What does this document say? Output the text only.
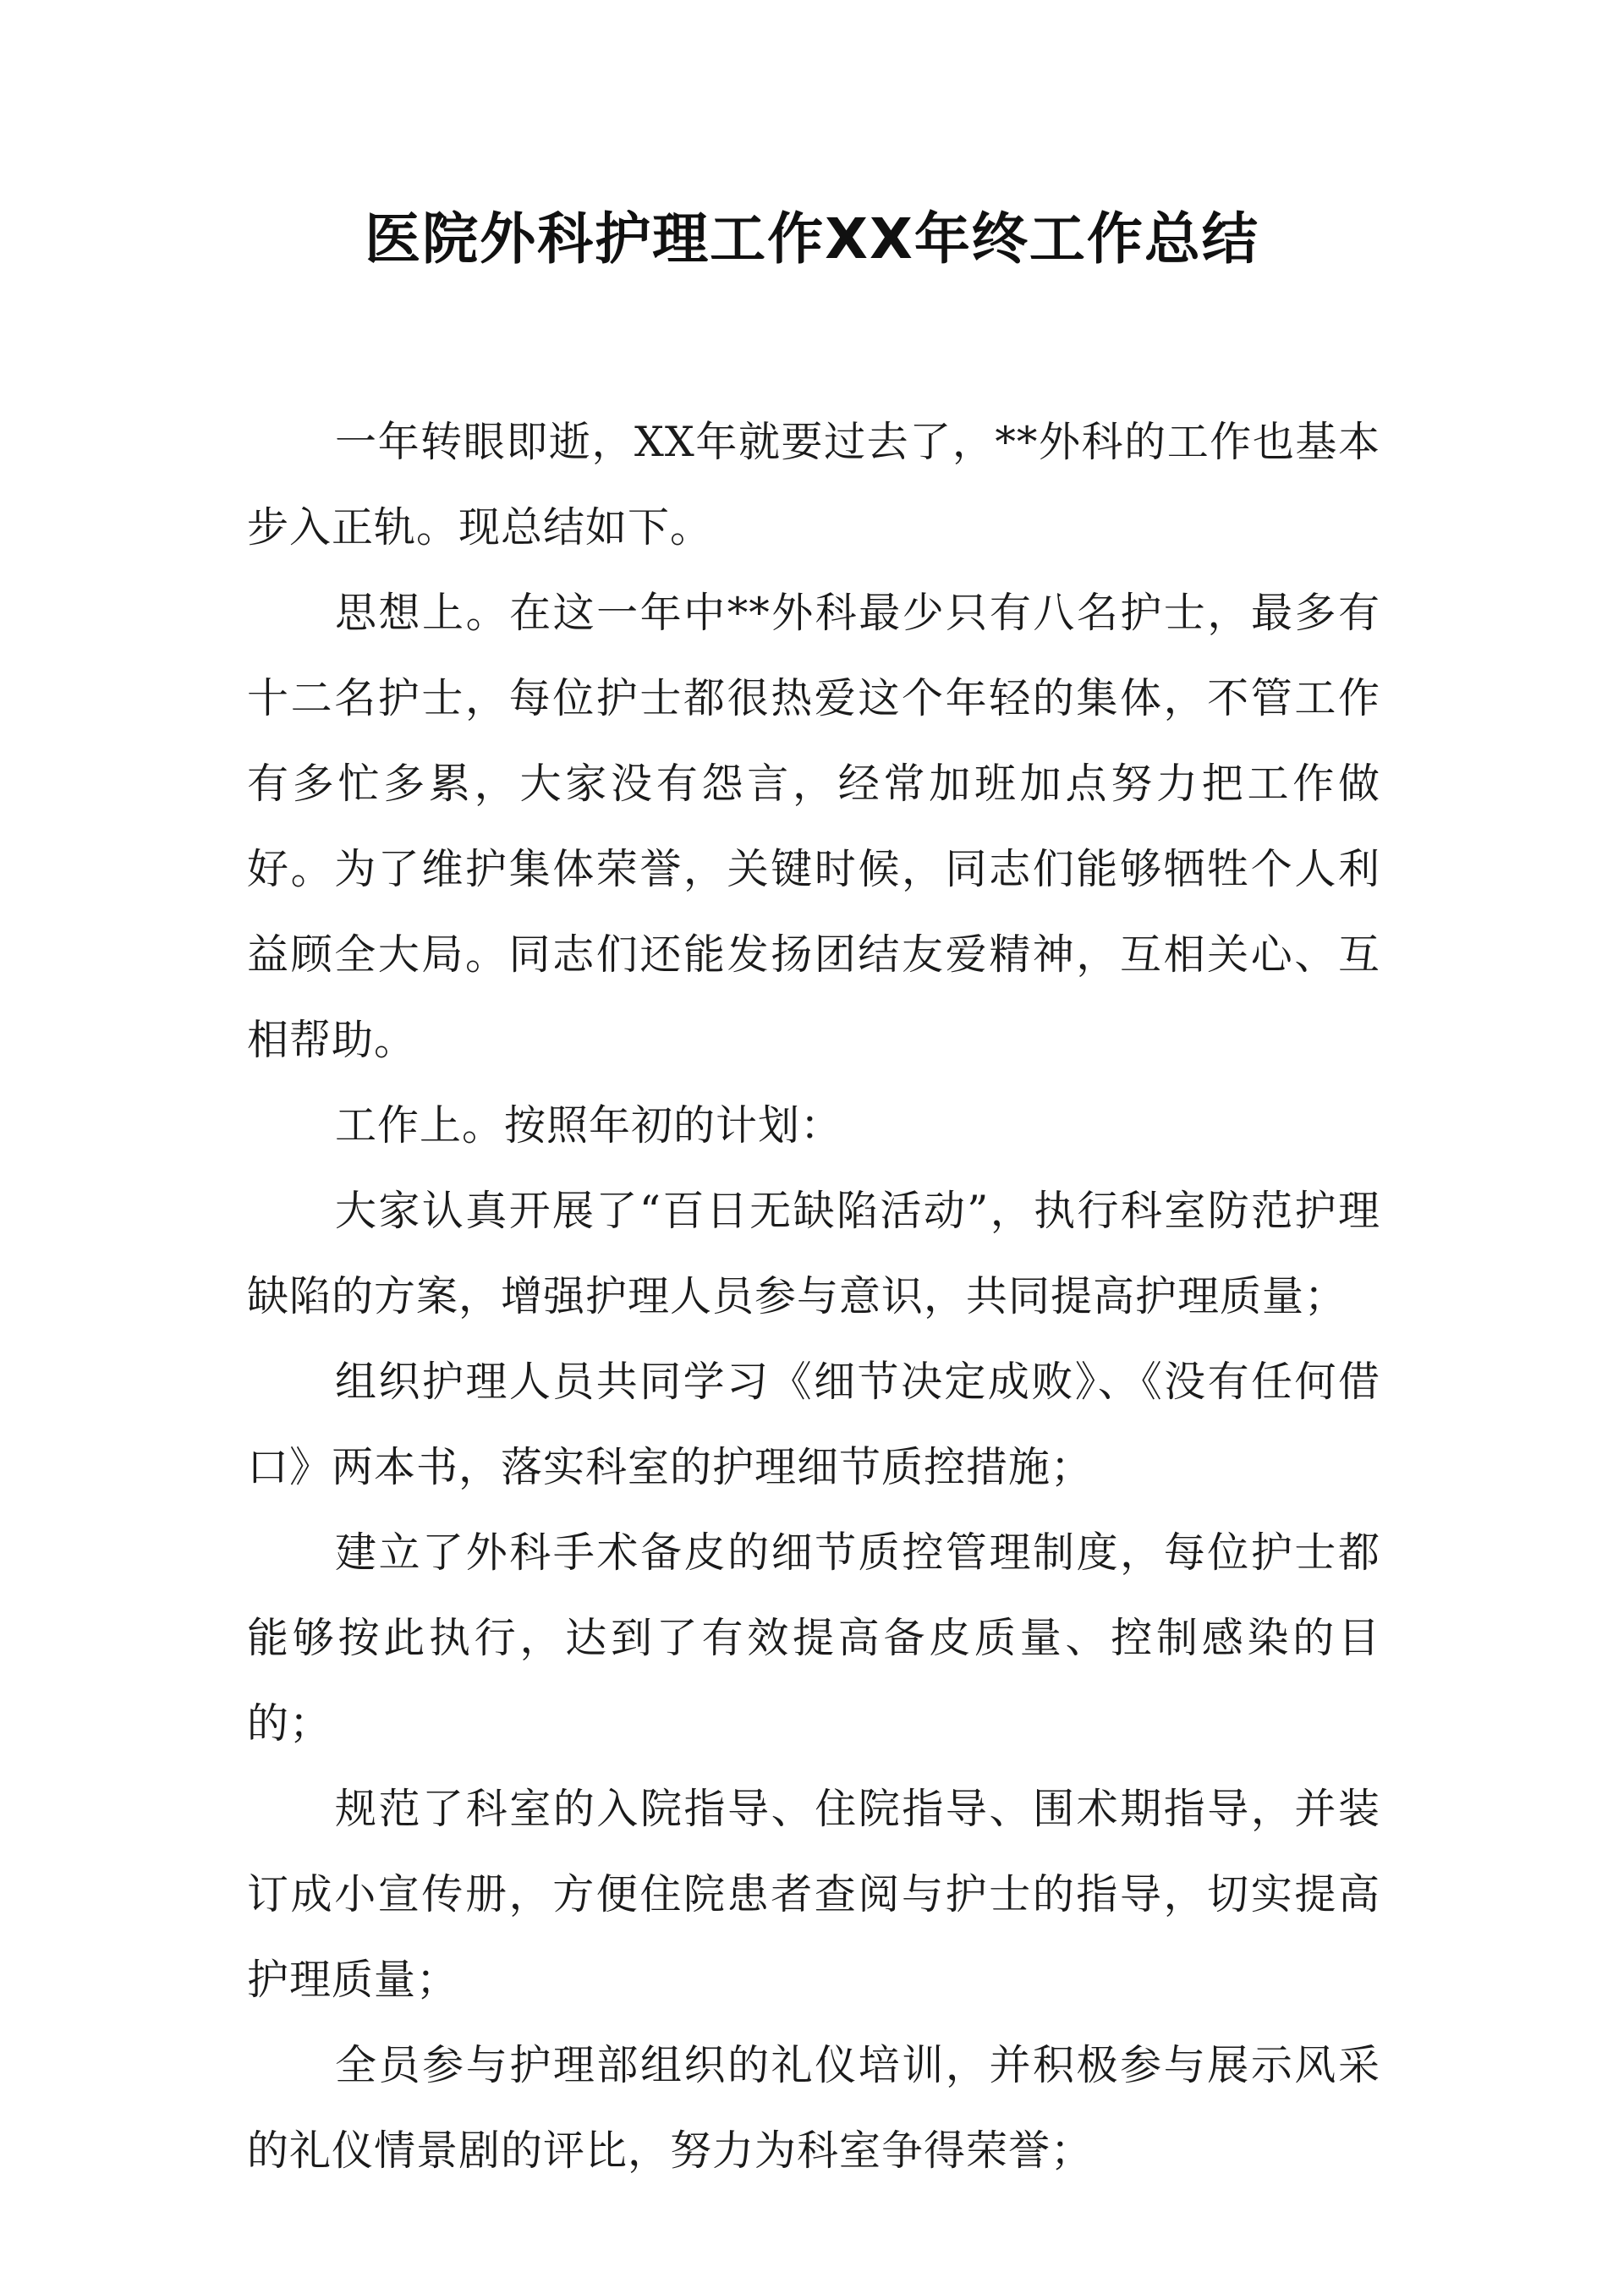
医院外科护理工作XX年终工作总结

一年转眼即逝，XX年就要过去了，**外科的工作也基本步入正轨。现总结如下。

思想上。在这一年中**外科最少只有八名护士，最多有十二名护士，每位护士都很热爱这个年轻的集体，不管工作有多忙多累，大家没有怨言，经常加班加点努力把工作做好。为了维护集体荣誉，关键时候，同志们能够牺牲个人利益顾全大局。同志们还能发扬团结友爱精神，互相关心、互相帮助。

工作上。按照年初的计划：

大家认真开展了“百日无缺陷活动”，执行科室防范护理缺陷的方案，增强护理人员参与意识，共同提高护理质量；

组织护理人员共同学习《细节决定成败》、《没有任何借口》两本书，落实科室的护理细节质控措施；

建立了外科手术备皮的细节质控管理制度，每位护士都能够按此执行，达到了有效提高备皮质量、控制感染的目的；

规范了科室的入院指导、住院指导、围术期指导，并装订成小宣传册，方便住院患者查阅与护士的指导，切实提高护理质量；

全员参与护理部组织的礼仪培训，并积极参与展示风采的礼仪情景剧的评比，努力为科室争得荣誉；
